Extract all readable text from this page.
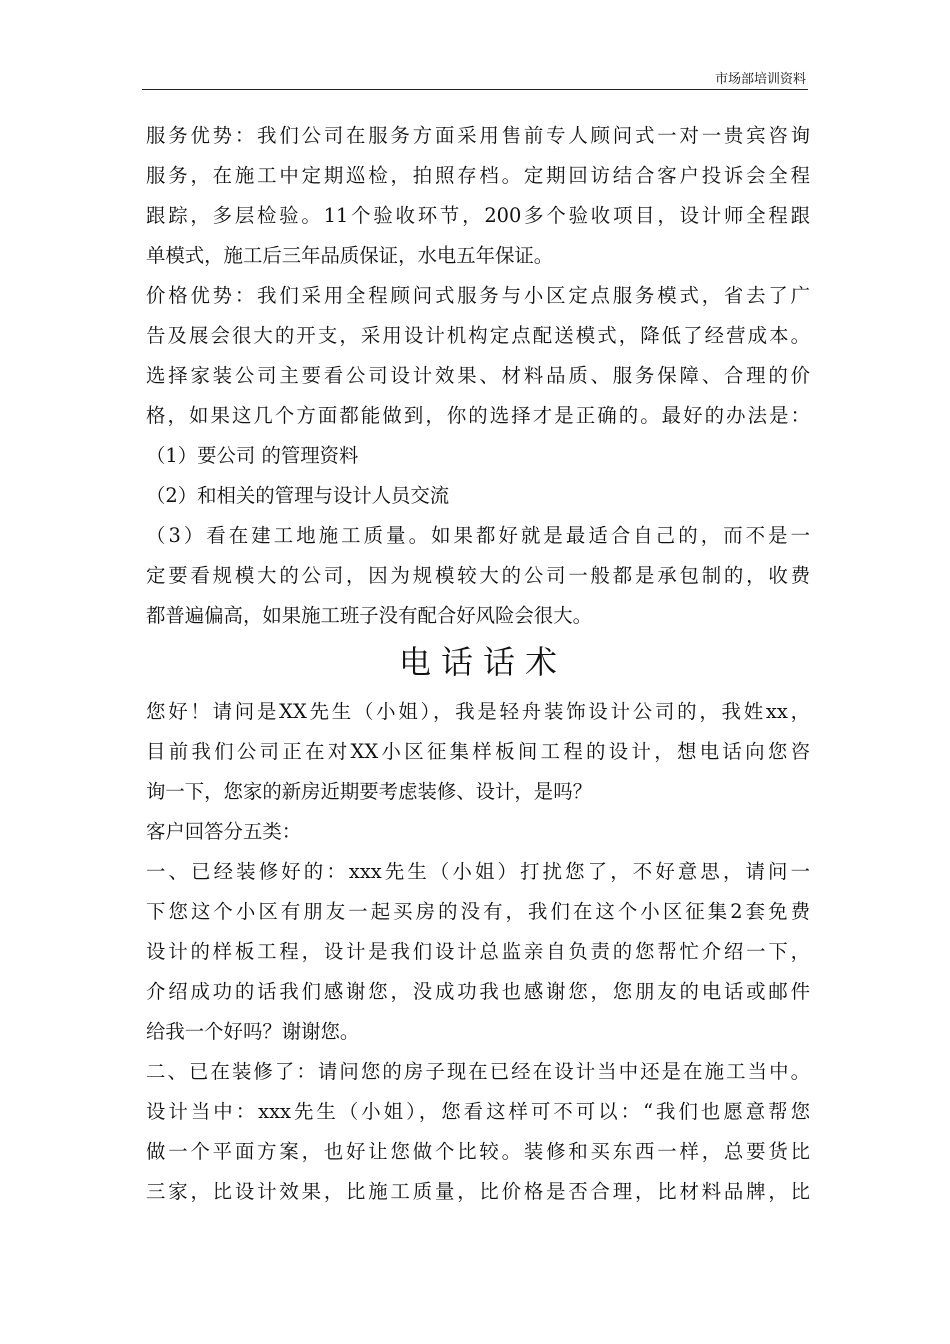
市场部培训资料
服务优势：我们公司在服务方面采用售前专人顾问式一对一贵宾咨询
服务，在施工中定期巡检，拍照存档。定期回访结合客户投诉会全程
跟踪，多层检验。11个验收环节，200多个验收项目，设计师全程跟
单模式，施工后三年品质保证，水电五年保证。
价格优势：我们采用全程顾问式服务与小区定点服务模式，省去了广
告及展会很大的开支，采用设计机构定点配送模式，降低了经营成本。
选择家装公司主要看公司设计效果、材料品质、服务保障、合理的价
格，如果这几个方面都能做到，你的选择才是正确的。最好的办法是：
（1）要公司 的管理资料
（2）和相关的管理与设计人员交流
（3）看在建工地施工质量。如果都好就是最适合自己的，而不是一
定要看规模大的公司，因为规模较大的公司一般都是承包制的，收费
都普遍偏高，如果施工班子没有配合好风险会很大。
电话话术
您好！请问是XX先生（小姐），我是轻舟装饰设计公司的，我姓xx，
目前我们公司正在对XX小区征集样板间工程的设计，想电话向您咨
询一下，您家的新房近期要考虑装修、设计，是吗？
客户回答分五类：
一、已经装修好的：xxx先生（小姐）打扰您了，不好意思，请问一
下您这个小区有朋友一起买房的没有，我们在这个小区征集2套免费
设计的样板工程，设计是我们设计总监亲自负责的您帮忙介绍一下，
介绍成功的话我们感谢您，没成功我也感谢您，您朋友的电话或邮件
给我一个好吗？谢谢您。
二、已在装修了：请问您的房子现在已经在设计当中还是在施工当中。
设计当中：xxx先生（小姐），您看这样可不可以：“我们也愿意帮您
做一个平面方案，也好让您做个比较。装修和买东西一样，总要货比
三家，比设计效果，比施工质量，比价格是否合理，比材料品牌，比
